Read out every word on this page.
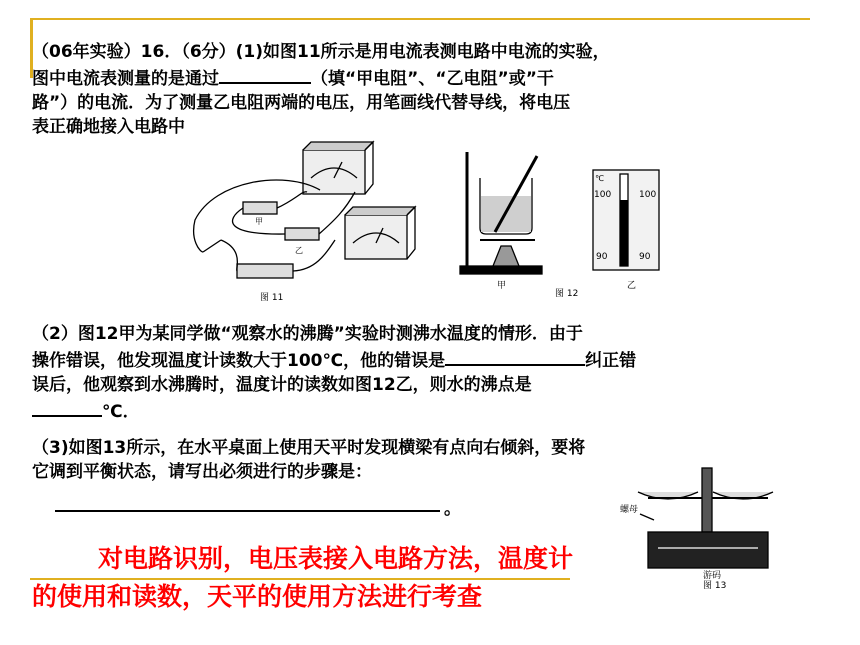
（06年实验）16．（6分）(1)如图11所示是用电流表测电路中电流的实验，
图中电流表测量的是通过	（填“甲电阻”、“乙电阻”或”干
路”）的电流．为了测量乙电阻两端的电压，用笔画线代替导线，将电压
表正确地接入电路中
甲
乙
图 11
甲
图 12
乙
℃
100	100
90	90
（2）图12甲为某同学做“观察水的沸腾”实验时测沸水温度的情形．由于
操作错误，他发现温度计读数大于100℃，他的错误是	纠正错
误后，他观察到水沸腾时，温度计的读数如图12乙，则水的沸点是
℃．
（3)如图13所示，在水平桌面上使用天平时发现横梁有点向右倾斜，要将
它调到平衡状态，请写出必须进行的步骤是：
。	螺母
游码
图 13
对电路识别，电压表接入电路方法，温度计
的使用和读数，天平的使用方法进行考查
